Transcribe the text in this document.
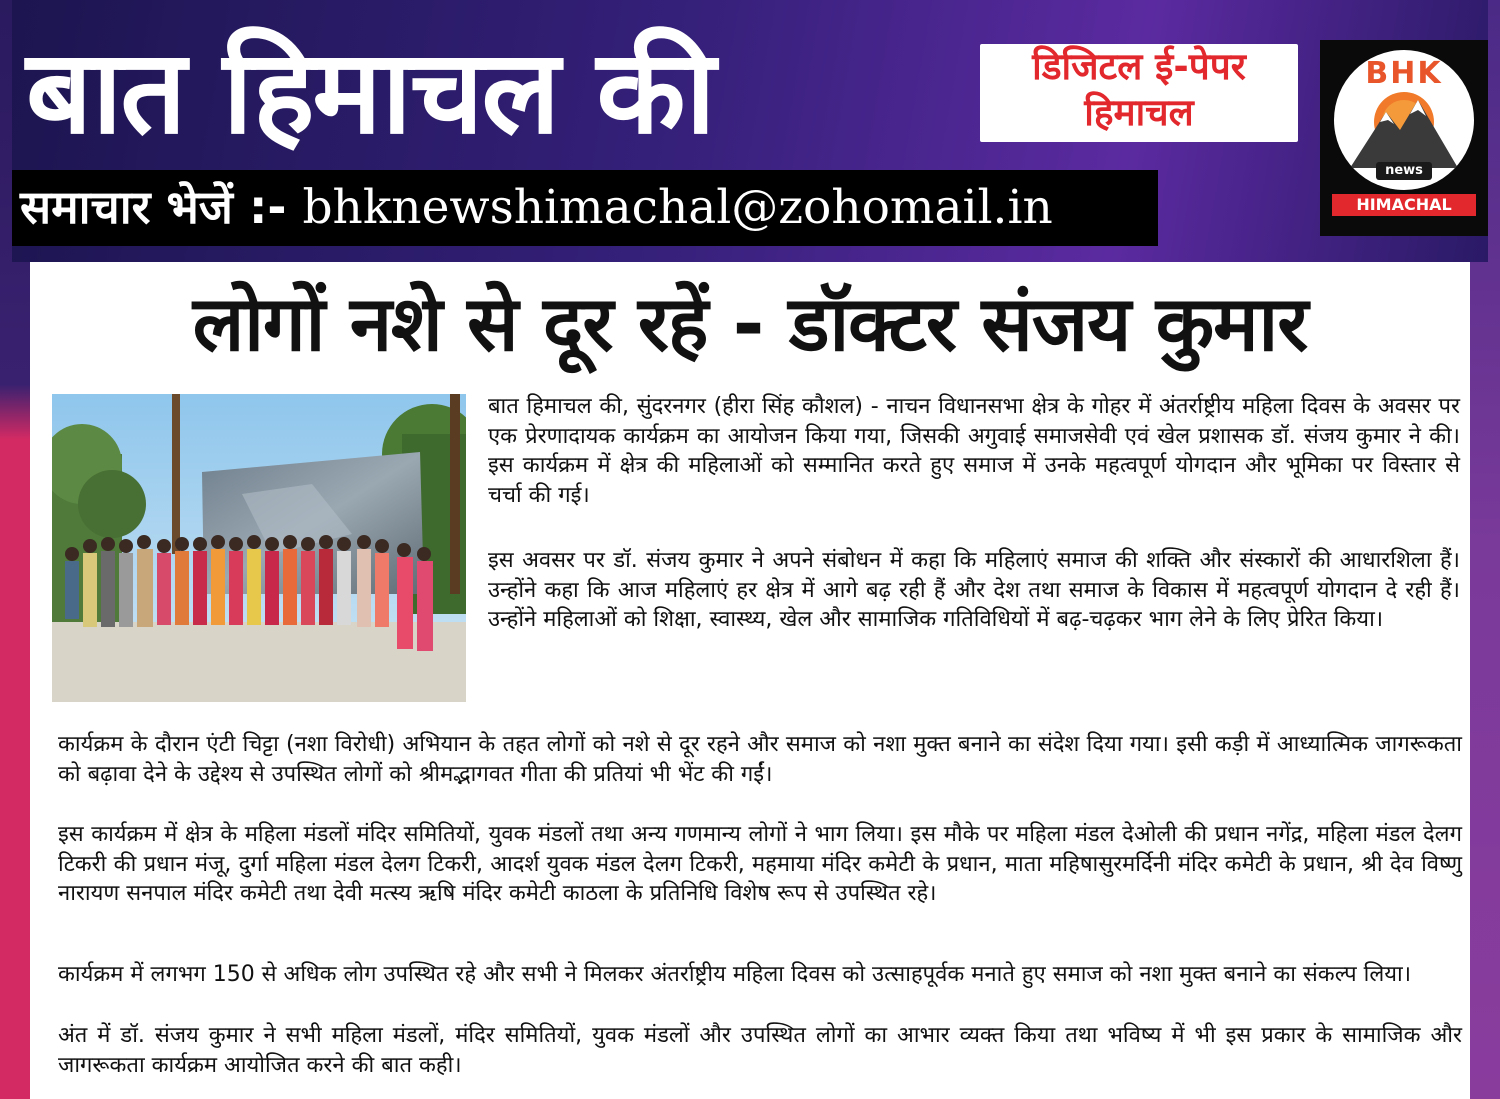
बात हिमाचल की	डिजिटल ई-पेपर
हिमाचल
BHK
news
HIMACHAL
समाचार भेजें :- bhknewshimachal@zohomail.in
लोगों नशे से दूर रहें - डॉक्टर संजय कुमार

बात हिमाचल की, सुंदरनगर (हीरा सिंह कौशल) - नाचन विधानसभा क्षेत्र के गोहर में अंतर्राष्ट्रीय महिला दिवस के अवसर पर एक प्रेरणादायक कार्यक्रम का आयोजन किया गया, जिसकी अगुवाई समाजसेवी एवं खेल प्रशासक डॉ. संजय कुमार ने की। इस कार्यक्रम में क्षेत्र की महिलाओं को सम्मानित करते हुए समाज में उनके महत्वपूर्ण योगदान और भूमिका पर विस्तार से चर्चा की गई।

इस अवसर पर डॉ. संजय कुमार ने अपने संबोधन में कहा कि महिलाएं समाज की शक्ति और संस्कारों की आधारशिला हैं। उन्होंने कहा कि आज महिलाएं हर क्षेत्र में आगे बढ़ रही हैं और देश तथा समाज के विकास में महत्वपूर्ण योगदान दे रही हैं। उन्होंने महिलाओं को शिक्षा, स्वास्थ्य, खेल और सामाजिक गतिविधियों में बढ़-चढ़कर भाग लेने के लिए प्रेरित किया।

कार्यक्रम के दौरान एंटी चिट्टा (नशा विरोधी) अभियान के तहत लोगों को नशे से दूर रहने और समाज को नशा मुक्त बनाने का संदेश दिया गया। इसी कड़ी में आध्यात्मिक जागरूकता को बढ़ावा देने के उद्देश्य से उपस्थित लोगों को श्रीमद्भागवत गीता की प्रतियां भी भेंट की गईं।

इस कार्यक्रम में क्षेत्र के महिला मंडलों मंदिर समितियों, युवक मंडलों तथा अन्य गणमान्य लोगों ने भाग लिया। इस मौके पर महिला मंडल देओली की प्रधान नगेंद्र, महिला मंडल देलग टिकरी की प्रधान मंजू, दुर्गा महिला मंडल देलग टिकरी, आदर्श युवक मंडल देलग टिकरी, महमाया मंदिर कमेटी के प्रधान, माता महिषासुरमर्दिनी मंदिर कमेटी के प्रधान, श्री देव विष्णु नारायण सनपाल मंदिर कमेटी तथा देवी मत्स्य ऋषि मंदिर कमेटी काठला के प्रतिनिधि विशेष रूप से उपस्थित रहे।

कार्यक्रम में लगभग 150 से अधिक लोग उपस्थित रहे और सभी ने मिलकर अंतर्राष्ट्रीय महिला दिवस को उत्साहपूर्वक मनाते हुए समाज को नशा मुक्त बनाने का संकल्प लिया।

अंत में डॉ. संजय कुमार ने सभी महिला मंडलों, मंदिर समितियों, युवक मंडलों और उपस्थित लोगों का आभार व्यक्त किया तथा भविष्य में भी इस प्रकार के सामाजिक और जागरूकता कार्यक्रम आयोजित करने की बात कही।
